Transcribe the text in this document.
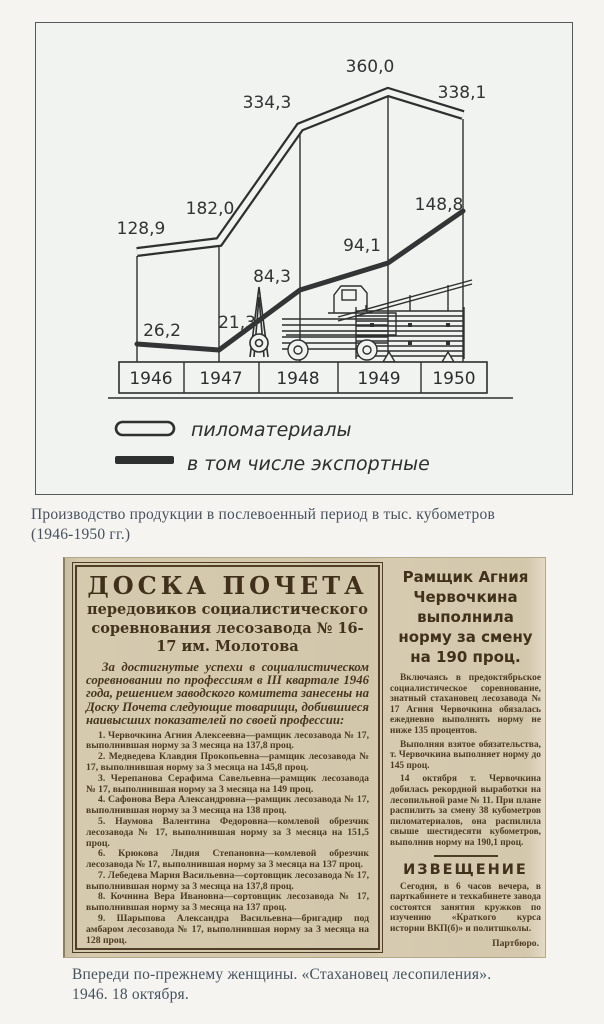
128,9
182,0
334,3
360,0
338,1
26,2 21,3
84,3
94,1
148,8
1946 1947 1948 1949 1950
пиломатериалы
в том числе экспортные
Производство продукции в послевоенный период в тыс. кубометров
(1946-1950 гг.)

ДОСКА ПОЧЕТА

передовиков социалистического соревнования лесозавода № 16-17 им. Молотова

За достигнутые успехи в социалистическом соревновании по профессиям в III квартале 1946 года, решением заводского комитета занесены на Доску Почета следующие товарищи, добившиеся наивысших показателей по своей профессии:

1. Червочкина Агния Алексеевна—рамщик лесозавода № 17, выполнившая норму за 3 месяца на 137,8 проц.

2. Медведева Клавдия Прокопьевна—рамщик лесозавода № 17, выполнившая норму за 3 месяца на 145,8 проц.

3. Черепанова Серафима Савельевна—рамщик лесозавода № 17, выполнившая норму за 3 месяца на 149 проц.

4. Сафонова Вера Александровна—рамщик лесозавода № 17, выполнившая норму за 3 месяца на 138 проц.

5. Наумова Валентина Федоровна—комлевой обрезчик лесозавода № 17, выполнившая норму за 3 месяца на 151,5 проц.

6. Крюкова Лидия Степановна—комлевой обрезчик лесозавода № 17, выполнившая норму за 3 месяца на 137 проц.

7. Лебедева Мария Васильевна—сортовщик лесозавода № 17, выполнившая норму за 3 месяца на 137,8 проц.

8. Кочнина Вера Ивановна—сортовщик лесозавода № 17, выполнившая норму за 3 месяца на 137 проц.

9. Шарыпова Александра Васильевна—бригадир под амбаром лесозавода № 17, выполнившая норму за 3 месяца на 128 проц.

Рамщик Агния Червочкина выполнила норму за смену на 190 проц.

Включаясь в предоктябрьское социалистическое соревнование, знатный стахановец лесозавода № 17 Агния Червочкина обязалась ежедневно выполнять норму не ниже 135 процентов.

Выполняя взятое обязательства, т. Червочкина выполняет норму до 145 проц.

14 октября т. Червочкина добилась рекордной выработки на лесопильной раме № 11. При плане распилить за смену 38 кубометров пиломатериалов, она распилила свыше шестидесяти кубометров, выполнив норму на 190,1 проц.

ИЗВЕЩЕНИЕ

Сегодня, в 6 часов вечера, в парткабинете и техкабинете завода состоятся занятия кружков по изучению «Краткого курса истории ВКП(б)» и политшколы.

Партбюро.

Впереди по-прежнему женщины. «Стахановец лесопиления».
1946. 18 октября.
